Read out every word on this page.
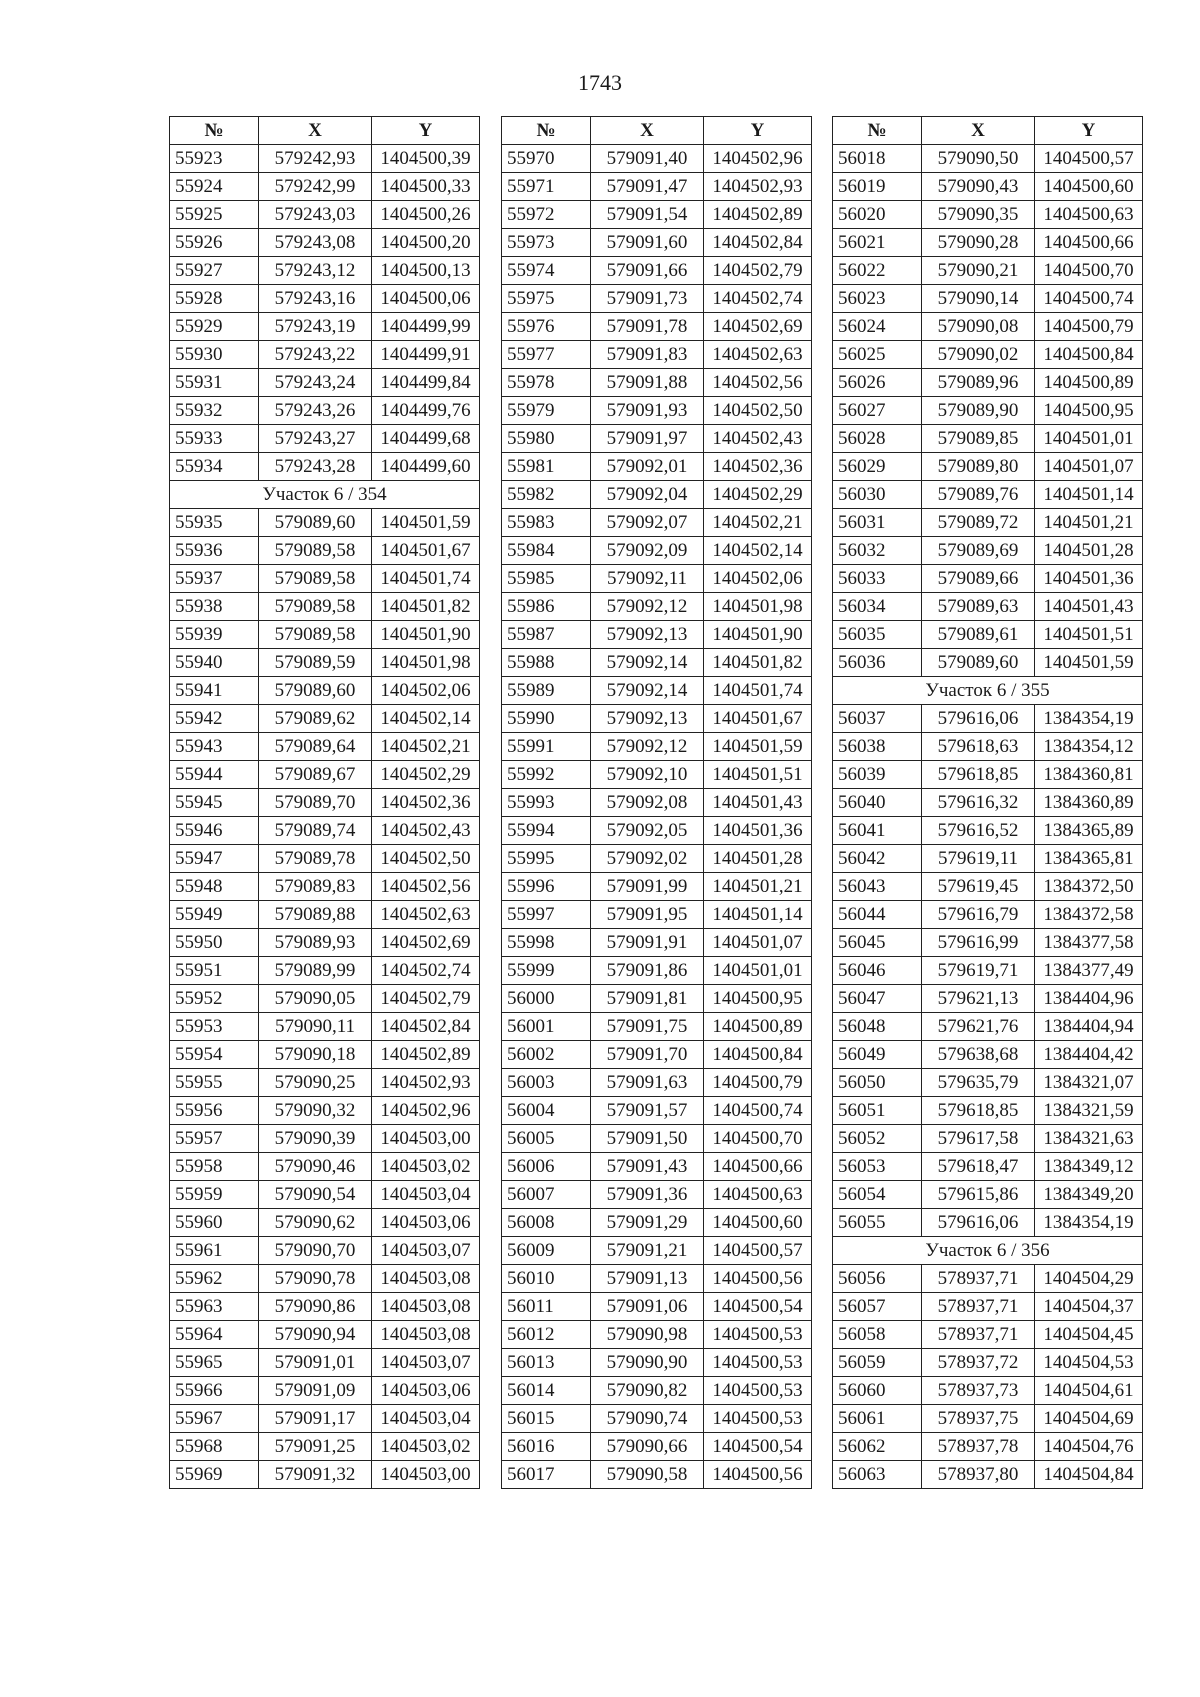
1743
№	X	Y
55923	579242,93	1404500,39
55924	579242,99	1404500,33
55925	579243,03	1404500,26
55926	579243,08	1404500,20
55927	579243,12	1404500,13
55928	579243,16	1404500,06
55929	579243,19	1404499,99
55930	579243,22	1404499,91
55931	579243,24	1404499,84
55932	579243,26	1404499,76
55933	579243,27	1404499,68
55934	579243,28	1404499,60
Участок 6 / 354		
55935	579089,60	1404501,59
55936	579089,58	1404501,67
55937	579089,58	1404501,74
55938	579089,58	1404501,82
55939	579089,58	1404501,90
55940	579089,59	1404501,98
55941	579089,60	1404502,06
55942	579089,62	1404502,14
55943	579089,64	1404502,21
55944	579089,67	1404502,29
55945	579089,70	1404502,36
55946	579089,74	1404502,43
55947	579089,78	1404502,50
55948	579089,83	1404502,56
55949	579089,88	1404502,63
55950	579089,93	1404502,69
55951	579089,99	1404502,74
55952	579090,05	1404502,79
55953	579090,11	1404502,84
55954	579090,18	1404502,89
55955	579090,25	1404502,93
55956	579090,32	1404502,96
55957	579090,39	1404503,00
55958	579090,46	1404503,02
55959	579090,54	1404503,04
55960	579090,62	1404503,06
55961	579090,70	1404503,07
55962	579090,78	1404503,08
55963	579090,86	1404503,08
55964	579090,94	1404503,08
55965	579091,01	1404503,07
55966	579091,09	1404503,06
55967	579091,17	1404503,04
55968	579091,25	1404503,02
55969	579091,32	1404503,00
№	X	Y
55970	579091,40	1404502,96
55971	579091,47	1404502,93
55972	579091,54	1404502,89
55973	579091,60	1404502,84
55974	579091,66	1404502,79
55975	579091,73	1404502,74
55976	579091,78	1404502,69
55977	579091,83	1404502,63
55978	579091,88	1404502,56
55979	579091,93	1404502,50
55980	579091,97	1404502,43
55981	579092,01	1404502,36
55982	579092,04	1404502,29
55983	579092,07	1404502,21
55984	579092,09	1404502,14
55985	579092,11	1404502,06
55986	579092,12	1404501,98
55987	579092,13	1404501,90
55988	579092,14	1404501,82
55989	579092,14	1404501,74
55990	579092,13	1404501,67
55991	579092,12	1404501,59
55992	579092,10	1404501,51
55993	579092,08	1404501,43
55994	579092,05	1404501,36
55995	579092,02	1404501,28
55996	579091,99	1404501,21
55997	579091,95	1404501,14
55998	579091,91	1404501,07
55999	579091,86	1404501,01
56000	579091,81	1404500,95
56001	579091,75	1404500,89
56002	579091,70	1404500,84
56003	579091,63	1404500,79
56004	579091,57	1404500,74
56005	579091,50	1404500,70
56006	579091,43	1404500,66
56007	579091,36	1404500,63
56008	579091,29	1404500,60
56009	579091,21	1404500,57
56010	579091,13	1404500,56
56011	579091,06	1404500,54
56012	579090,98	1404500,53
56013	579090,90	1404500,53
56014	579090,82	1404500,53
56015	579090,74	1404500,53
56016	579090,66	1404500,54
56017	579090,58	1404500,56
№	X	Y
56018	579090,50	1404500,57
56019	579090,43	1404500,60
56020	579090,35	1404500,63
56021	579090,28	1404500,66
56022	579090,21	1404500,70
56023	579090,14	1404500,74
56024	579090,08	1404500,79
56025	579090,02	1404500,84
56026	579089,96	1404500,89
56027	579089,90	1404500,95
56028	579089,85	1404501,01
56029	579089,80	1404501,07
56030	579089,76	1404501,14
56031	579089,72	1404501,21
56032	579089,69	1404501,28
56033	579089,66	1404501,36
56034	579089,63	1404501,43
56035	579089,61	1404501,51
56036	579089,60	1404501,59
Участок 6 / 355		
56037	579616,06	1384354,19
56038	579618,63	1384354,12
56039	579618,85	1384360,81
56040	579616,32	1384360,89
56041	579616,52	1384365,89
56042	579619,11	1384365,81
56043	579619,45	1384372,50
56044	579616,79	1384372,58
56045	579616,99	1384377,58
56046	579619,71	1384377,49
56047	579621,13	1384404,96
56048	579621,76	1384404,94
56049	579638,68	1384404,42
56050	579635,79	1384321,07
56051	579618,85	1384321,59
56052	579617,58	1384321,63
56053	579618,47	1384349,12
56054	579615,86	1384349,20
56055	579616,06	1384354,19
Участок 6 / 356		
56056	578937,71	1404504,29
56057	578937,71	1404504,37
56058	578937,71	1404504,45
56059	578937,72	1404504,53
56060	578937,73	1404504,61
56061	578937,75	1404504,69
56062	578937,78	1404504,76
56063	578937,80	1404504,84
